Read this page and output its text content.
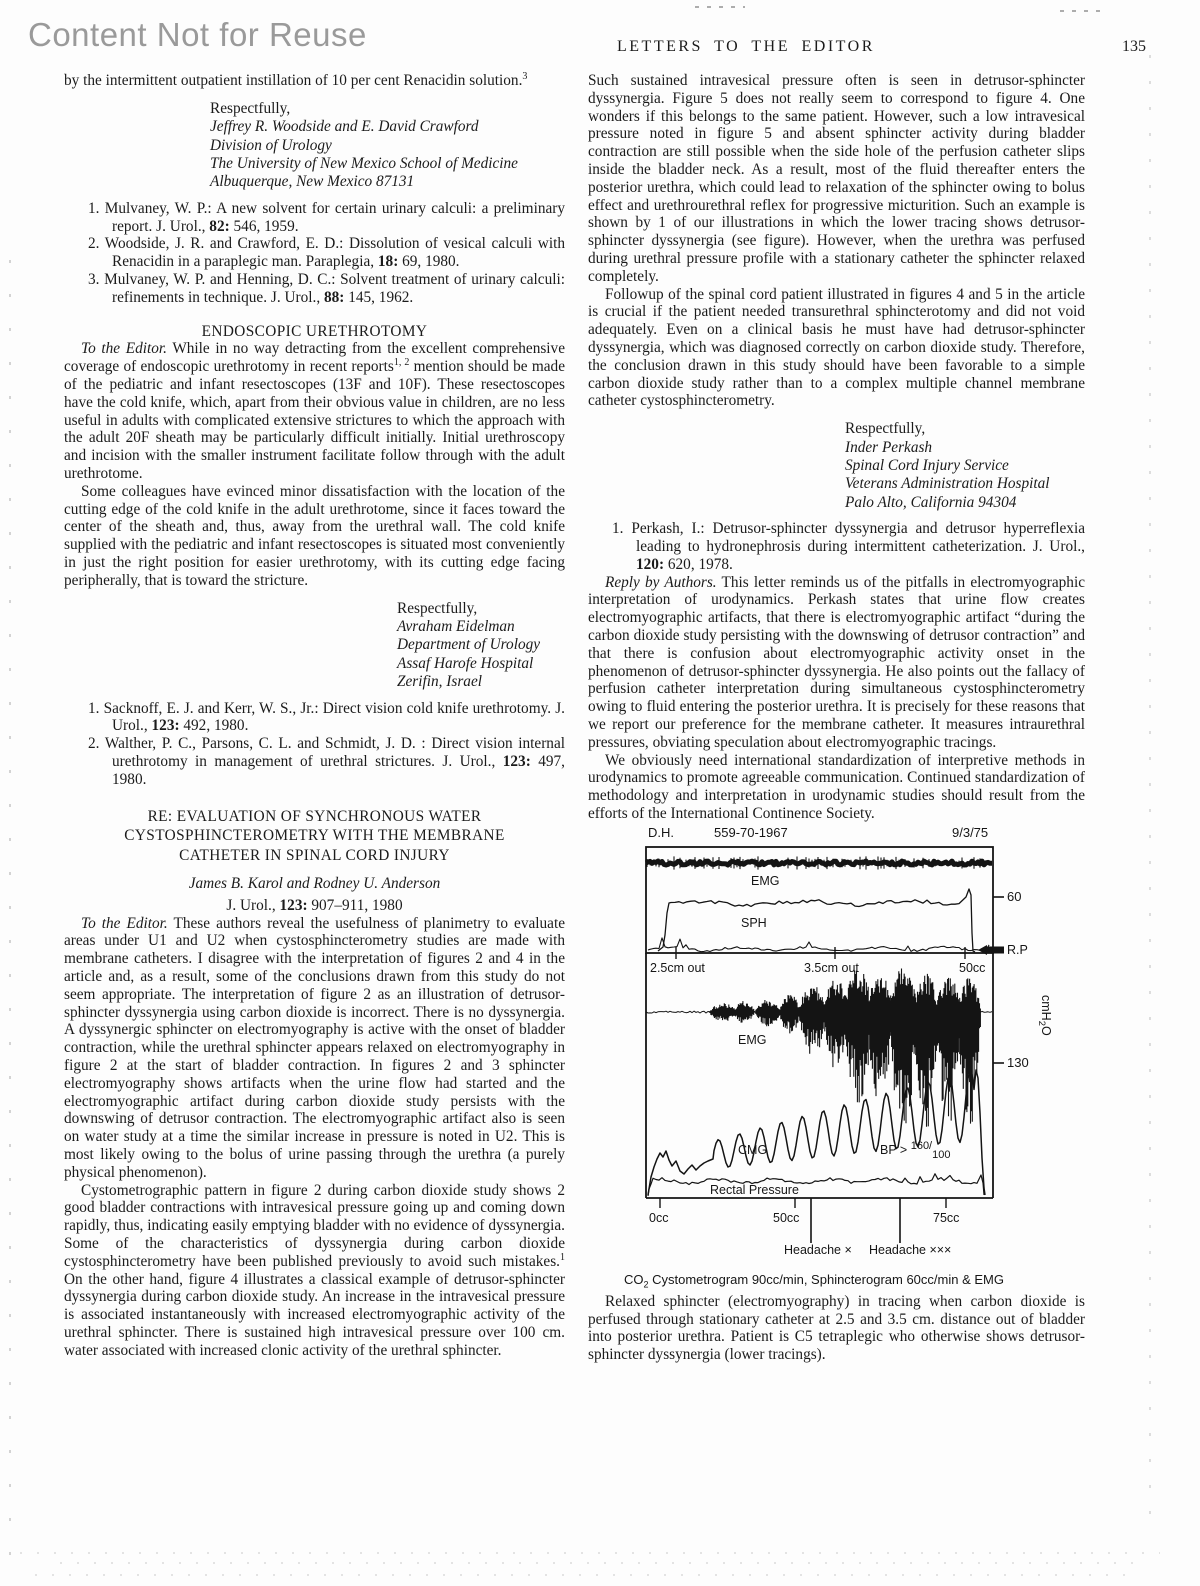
Content Not for Reuse	LETTERS TO THE EDITOR	135

by the intermittent outpatient instillation of 10 per cent Renacidin solution.$^3$

Respectfully,
Jeffrey R. Woodside and E. David Crawford
Division of Urology
The University of New Mexico School of Medicine
Albuquerque, New Mexico 87131

1. Mulvaney, W. P.: A new solvent for certain urinary calculi: a preliminary report. J. Urol., 82: 546, 1959.

2. Woodside, J. R. and Crawford, E. D.: Dissolution of vesical calculi with Renacidin in a paraplegic man. Paraplegia, 18: 69, 1980.

3. Mulvaney, W. P. and Henning, D. C.: Solvent treatment of urinary calculi: refinements in technique. J. Urol., 88: 145, 1962.

ENDOSCOPIC URETHROTOMY

To the Editor. While in no way detracting from the excellent comprehensive coverage of endoscopic urethrotomy in recent reports$^{1, 2}$ mention should be made of the pediatric and infant resectoscopes (13F and 10F). These resectoscopes have the cold knife, which, apart from their obvious value in children, are no less useful in adults with complicated extensive strictures to which the approach with the adult 20F sheath may be particularly difficult initially. Initial urethroscopy and incision with the smaller instrument facilitate follow through with the adult urethrotome.

Some colleagues have evinced minor dissatisfaction with the location of the cutting edge of the cold knife in the adult urethrotome, since it faces toward the center of the sheath and, thus, away from the urethral wall. The cold knife supplied with the pediatric and infant resectoscopes is situated most conveniently in just the right position for easier urethrotomy, with its cutting edge facing peripherally, that is toward the stricture.

Respectfully,
Avraham Eidelman
Department of Urology
Assaf Harofe Hospital
Zerifin, Israel

1. Sacknoff, E. J. and Kerr, W. S., Jr.: Direct vision cold knife urethrotomy. J. Urol., 123: 492, 1980.

2. Walther, P. C., Parsons, C. L. and Schmidt, J. D. : Direct vision internal urethrotomy in management of urethral strictures. J. Urol., 123: 497, 1980.

RE: EVALUATION OF SYNCHRONOUS WATER
CYSTOSPHINCTEROMETRY WITH THE MEMBRANE
CATHETER IN SPINAL CORD INJURY
James B. Karol and Rodney U. Anderson
J. Urol., 123: 907–911, 1980

To the Editor. These authors reveal the usefulness of planimetry to evaluate areas under U1 and U2 when cystosphincterometry studies are made with membrane catheters. I disagree with the interpretation of figures 2 and 4 in the article and, as a result, some of the conclusions drawn from this study do not seem appropriate. The interpretation of figure 2 as an illustration of detrusor-sphincter dyssynergia using carbon dioxide is incorrect. There is no dyssynergia. A dyssynergic sphincter on electromyography is active with the onset of bladder contraction, while the urethral sphincter appears relaxed on electromyography in figure 2 at the start of bladder contraction. In figures 2 and 3 sphincter electromyography shows artifacts when the urine flow had started and the electromyographic artifact during carbon dioxide study persists with the downswing of detrusor contraction. The electromyographic artifact also is seen on water study at a time the similar increase in pressure is noted in U2. This is most likely owing to the bolus of urine passing through the urethra (a purely physical phenomenon).

Cystometrographic pattern in figure 2 during carbon dioxide study shows 2 good bladder contractions with intravesical pressure going up and coming down rapidly, thus, indicating easily emptying bladder with no evidence of dyssynergia. Some of the characteristics of dyssynergia during carbon dioxide cystosphincterometry have been published previously to avoid such mistakes.$^1$ On the other hand, figure 4 illustrates a classical example of detrusor-sphincter dyssynergia during carbon dioxide study. An increase in the intravesical pressure is associated instantaneously with increased electromyographic activity of the urethral sphincter. There is sustained high intravesical pressure over 100 cm. water associated with increased clonic activity of the urethral sphincter.

Such sustained intravesical pressure often is seen in detrusor-sphincter dyssynergia. Figure 5 does not really seem to correspond to figure 4. One wonders if this belongs to the same patient. However, such a low intravesical pressure noted in figure 5 and absent sphincter activity during bladder contraction are still possible when the side hole of the perfusion catheter slips inside the bladder neck. As a result, most of the fluid thereafter enters the posterior urethra, which could lead to relaxation of the sphincter owing to bolus effect and urethrourethral reflex for progressive micturition. Such an example is shown by 1 of our illustrations in which the lower tracing shows detrusor-sphincter dyssynergia (see figure). However, when the urethra was perfused during urethral pressure profile with a stationary catheter the sphincter relaxed completely.

Followup of the spinal cord patient illustrated in figures 4 and 5 in the article is crucial if the patient needed transurethral sphincterotomy and did not void adequately. Even on a clinical basis he must have had detrusor-sphincter dyssynergia, which was diagnosed correctly on carbon dioxide study. Therefore, the conclusion drawn in this study should have been favorable to a simple carbon dioxide study rather than to a complex multiple channel membrane catheter cystosphincterometry.

Respectfully,
Inder Perkash
Spinal Cord Injury Service
Veterans Administration Hospital
Palo Alto, California 94304

1. Perkash, I.: Detrusor-sphincter dyssynergia and detrusor hyperreflexia leading to hydronephrosis during intermittent catheterization. J. Urol., 120: 620, 1978.

Reply by Authors. This letter reminds us of the pitfalls in electromyographic interpretation of urodynamics. Perkash states that urine flow creates electromyographic artifacts, that there is electromyographic artifact “during the carbon dioxide study persisting with the downswing of detrusor contraction” and that there is confusion about electromyographic activity onset in the phenomenon of detrusor-sphincter dyssynergia. He also points out the fallacy of perfusion catheter interpretation during simultaneous cystosphincterometry owing to fluid entering the posterior urethra. It is precisely for these reasons that we report our preference for the membrane catheter. It measures intraurethral pressures, obviating speculation about electromyographic tracings.

We obviously need international standardization of interpretive methods in urodynamics to promote agreeable communication. Continued standardization of methodology and interpretation in urodynamic studies should result from the efforts of the International Continence Society.

D.H.	559-70-1967	9/3/75
EMG
SPH
60
R.P
2.5cm out	3.5cm out	50cc
EMG
130
CMG	BP > 160/100
Rectal Pressure
cmH$_2$O
0cc	50cc	75cc
Headache × Headache ×××
$CO_2$ Cystometrogram 90cc/min, Sphincterogram 60cc/min & EMG

Relaxed sphincter (electromyography) in tracing when carbon dioxide is perfused through stationary catheter at 2.5 and 3.5 cm. distance out of bladder into posterior urethra. Patient is C5 tetraplegic who otherwise shows detrusor-sphincter dyssynergia (lower tracings).
